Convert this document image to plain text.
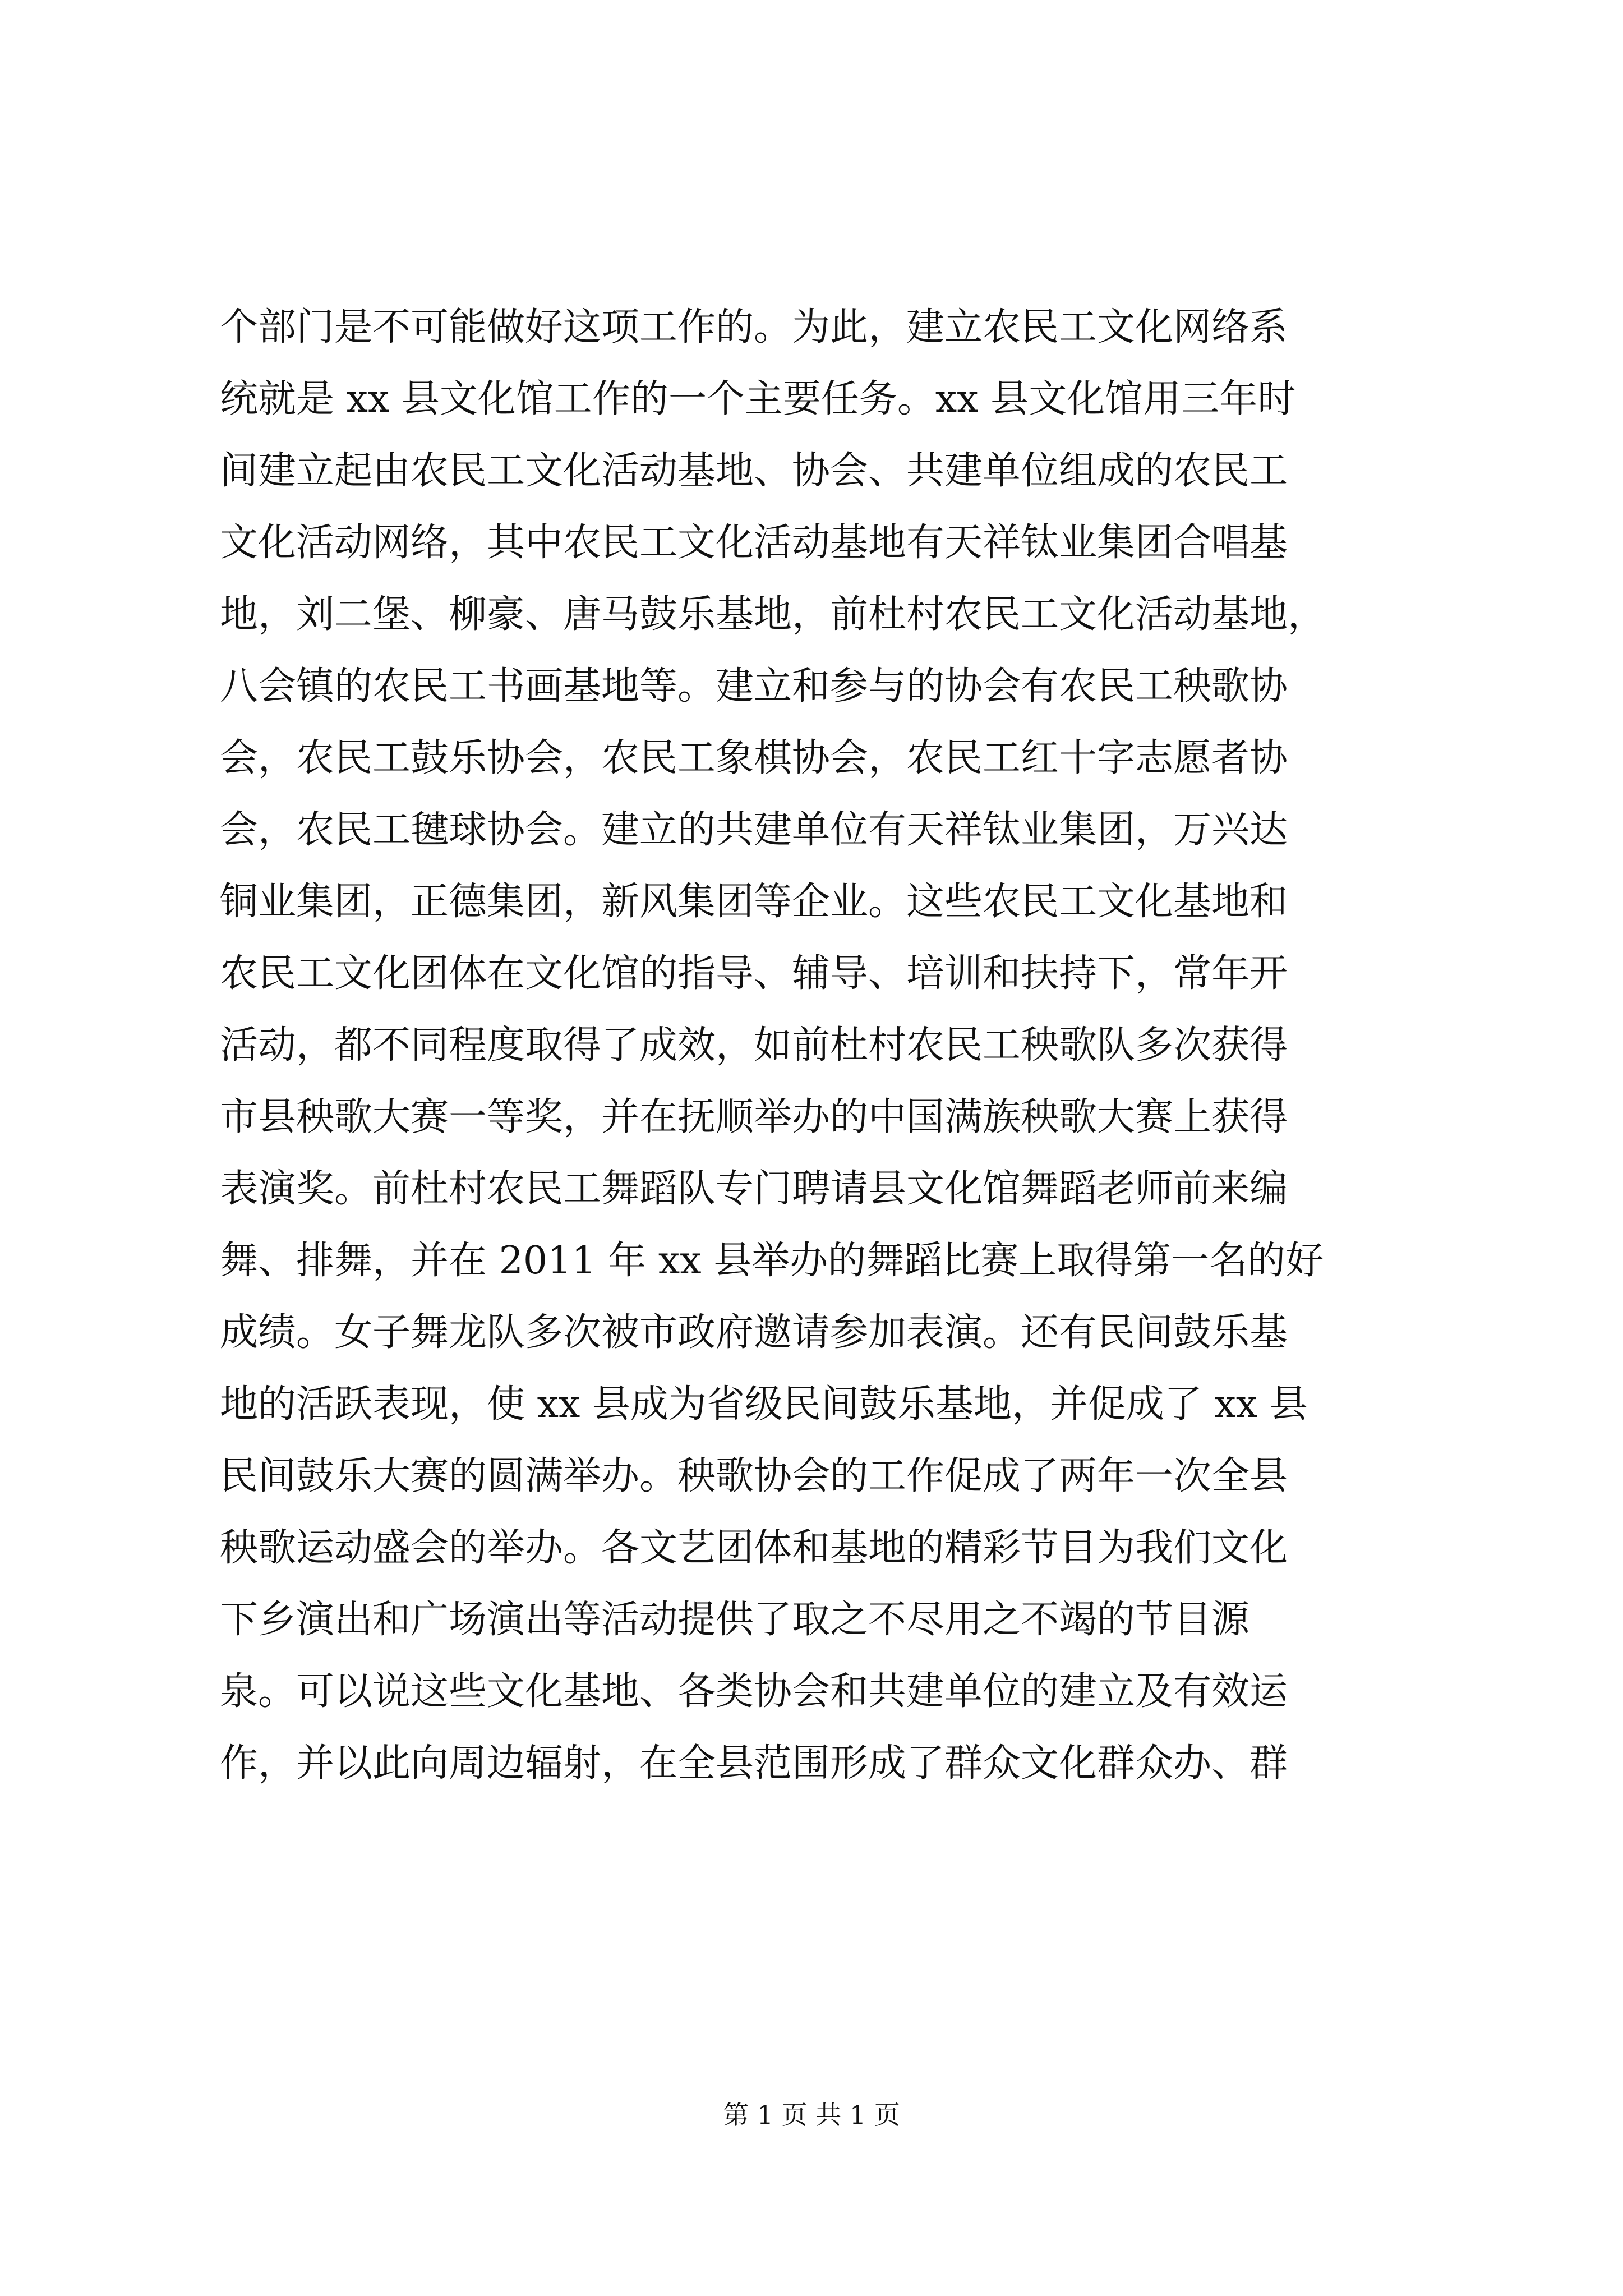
个部门是不可能做好这项工作的。为此，建立农民工文化网络系
统就是 xx 县文化馆工作的一个主要任务。xx 县文化馆用三年时
间建立起由农民工文化活动基地、协会、共建单位组成的农民工
文化活动网络，其中农民工文化活动基地有天祥钛业集团合唱基
地，刘二堡、柳豪、唐马鼓乐基地，前杜村农民工文化活动基地，
八会镇的农民工书画基地等。建立和参与的协会有农民工秧歌协
会，农民工鼓乐协会，农民工象棋协会，农民工红十字志愿者协
会，农民工毽球协会。建立的共建单位有天祥钛业集团，万兴达
铜业集团，正德集团，新风集团等企业。这些农民工文化基地和
农民工文化团体在文化馆的指导、辅导、培训和扶持下，常年开
活动，都不同程度取得了成效，如前杜村农民工秧歌队多次获得
市县秧歌大赛一等奖，并在抚顺举办的中国满族秧歌大赛上获得
表演奖。前杜村农民工舞蹈队专门聘请县文化馆舞蹈老师前来编
舞、排舞，并在 2011 年 xx 县举办的舞蹈比赛上取得第一名的好
成绩。女子舞龙队多次被市政府邀请参加表演。还有民间鼓乐基
地的活跃表现，使 xx 县成为省级民间鼓乐基地，并促成了 xx 县
民间鼓乐大赛的圆满举办。秧歌协会的工作促成了两年一次全县
秧歌运动盛会的举办。各文艺团体和基地的精彩节目为我们文化
下乡演出和广场演出等活动提供了取之不尽用之不竭的节目源
泉。可以说这些文化基地、各类协会和共建单位的建立及有效运
作，并以此向周边辐射，在全县范围形成了群众文化群众办、群
第 1 页 共 1 页
